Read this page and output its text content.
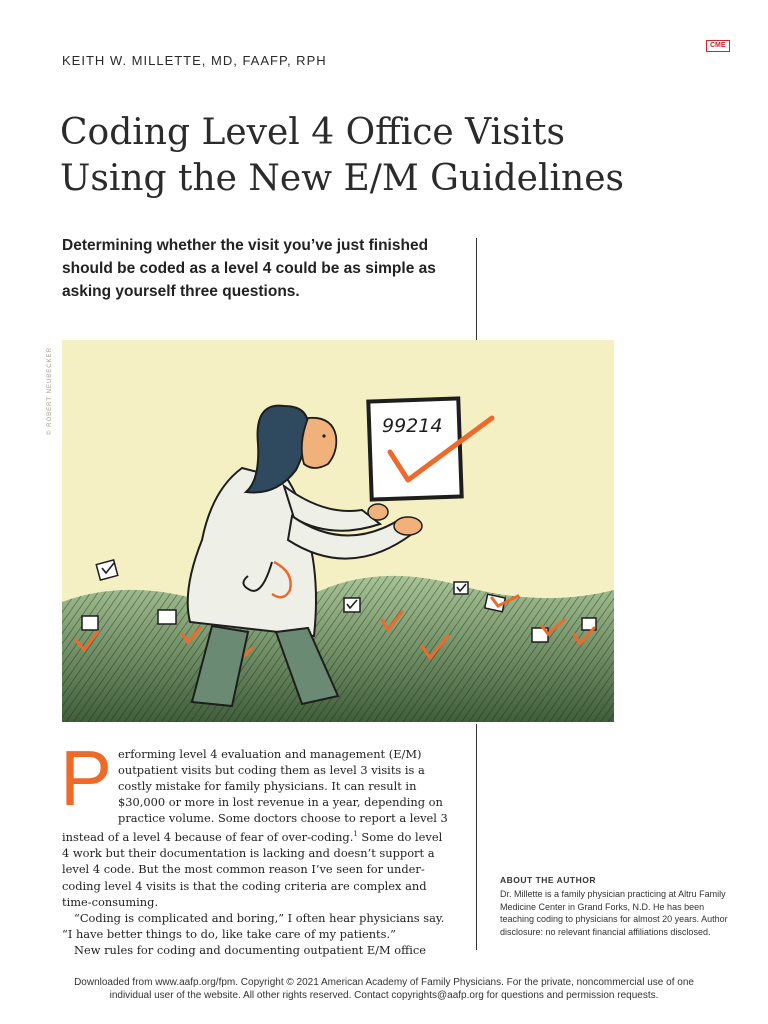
KEITH W. MILLETTE, MD, FAAFP, RPH
CME
Coding Level 4 Office Visits
Using the New E/M Guidelines
Determining whether the visit you’ve just finished should be coded as a level 4 could be as simple as asking yourself three questions.
99214
© ROBERT NEUBECKER

Performing level 4 evaluation and management (E/M) outpatient visits but coding them as level 3 visits is a costly mistake for family physicians. It can result in $30,000 or more in lost revenue in a year, depending on practice volume. Some doctors choose to report a level 3 instead of a level 4 because of fear of over-coding.$^1$ Some do level 4 work but their documentation is lacking and doesn’t support a level 4 code. But the most common reason I’ve seen for under-coding level 4 visits is that the coding criteria are complex and time-consuming.

“Coding is complicated and boring,” I often hear physicians say. “I have better things to do, like take care of my patients.”

New rules for coding and documenting outpatient E/M office

ABOUT THE AUTHOR
Dr. Millette is a family physician practicing at Altru Family Medicine Center in Grand Forks, N.D. He has been teaching coding to physicians for almost 20 years. Author disclosure: no relevant financial affiliations disclosed.
Downloaded from www.aafp.org/fpm. Copyright © 2021 American Academy of Family Physicians. For the private, noncommercial use of one
individual user of the website. All other rights reserved. Contact copyrights@aafp.org for questions and permission requests.
